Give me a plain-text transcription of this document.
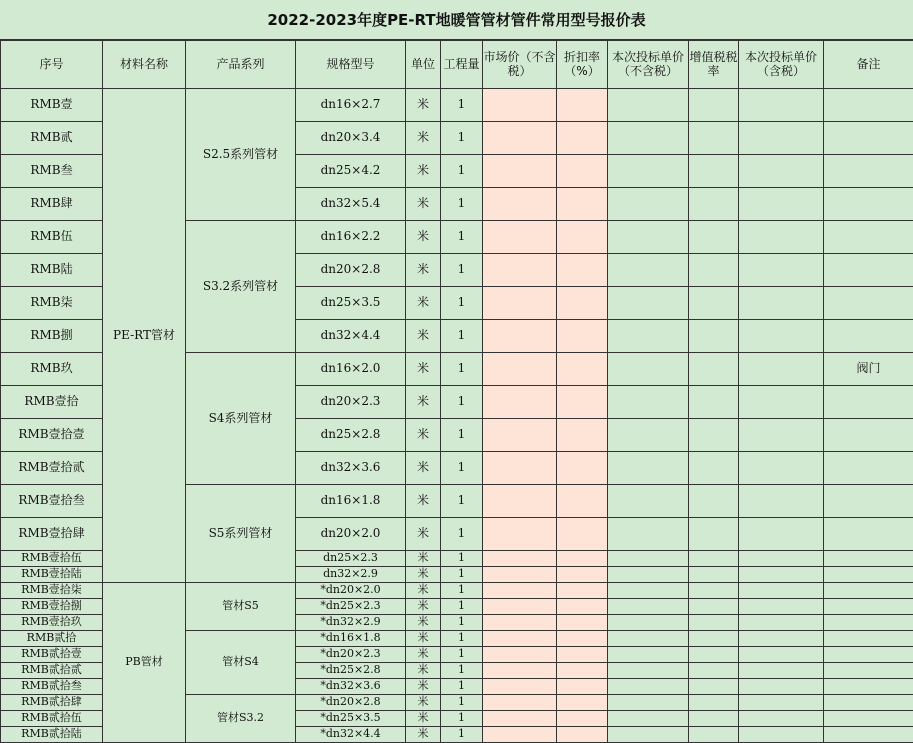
2022-2023年度PE-RT地暖管管材管件常用型号报价表
序号	材料名称	产品系列	规格型号	单位	工程量	市场价（不含税）	折扣率（%）	本次投标单价（不含税）	增值税税率	本次投标单价（含税）	备注
RMB壹	PE-RT管材	S2.5系列管材	dn16×2.7	米	1						
RMB贰			dn20×3.4	米	1						
RMB叁			dn25×4.2	米	1						
RMB肆			dn32×5.4	米	1						
RMB伍		S3.2系列管材	dn16×2.2	米	1						
RMB陆			dn20×2.8	米	1						
RMB柒			dn25×3.5	米	1						
RMB捌			dn32×4.4	米	1						
RMB玖		S4系列管材	dn16×2.0	米	1						阀门
RMB壹拾			dn20×2.3	米	1						
RMB壹拾壹			dn25×2.8	米	1						
RMB壹拾贰			dn32×3.6	米	1						
RMB壹拾叁		S5系列管材	dn16×1.8	米	1						
RMB壹拾肆			dn20×2.0	米	1						
RMB壹拾伍			dn25×2.3	米	1						
RMB壹拾陆			dn32×2.9	米	1						
RMB壹拾柒	PB管材	管材S5	*dn20×2.0	米	1						
RMB壹拾捌			*dn25×2.3	米	1						
RMB壹拾玖			*dn32×2.9	米	1						
RMB贰拾		管材S4	*dn16×1.8	米	1						
RMB贰拾壹			*dn20×2.3	米	1						
RMB贰拾贰			*dn25×2.8	米	1						
RMB贰拾叁			*dn32×3.6	米	1						
RMB贰拾肆		管材S3.2	*dn20×2.8	米	1						
RMB贰拾伍			*dn25×3.5	米	1						
RMB贰拾陆			*dn32×4.4	米	1						
